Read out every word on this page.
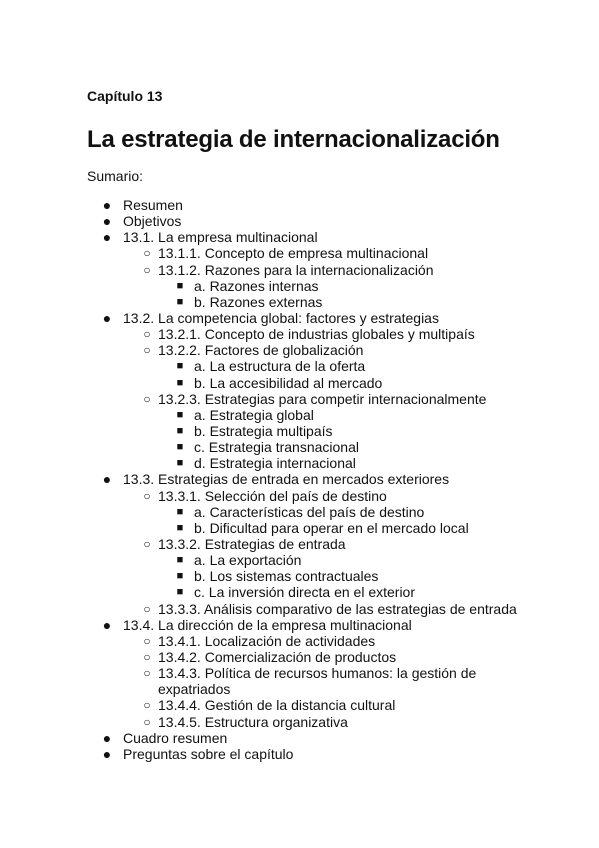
Capítulo 13
La estrategia de internacionalización
Sumario:
● Resumen
● Objetivos
● 13.1. La empresa multinacional
○ 13.1.1. Concepto de empresa multinacional
○ 13.1.2. Razones para la internacionalización
■ a. Razones internas
■ b. Razones externas
● 13.2. La competencia global: factores y estrategias
○ 13.2.1. Concepto de industrias globales y multipaís
○ 13.2.2. Factores de globalización
■ a. La estructura de la oferta
■ b. La accesibilidad al mercado
○ 13.2.3. Estrategias para competir internacionalmente
■ a. Estrategia global
■ b. Estrategia multipaís
■ c. Estrategia transnacional
■ d. Estrategia internacional
● 13.3. Estrategias de entrada en mercados exteriores
○ 13.3.1. Selección del país de destino
■ a. Características del país de destino
■ b. Dificultad para operar en el mercado local
○ 13.3.2. Estrategias de entrada
■ a. La exportación
■ b. Los sistemas contractuales
■ c. La inversión directa en el exterior
○ 13.3.3. Análisis comparativo de las estrategias de entrada
● 13.4. La dirección de la empresa multinacional
○ 13.4.1. Localización de actividades
○ 13.4.2. Comercialización de productos
○ 13.4.3. Política de recursos humanos: la gestión de expatriados
○ 13.4.4. Gestión de la distancia cultural
○ 13.4.5. Estructura organizativa
● Cuadro resumen
● Preguntas sobre el capítulo
